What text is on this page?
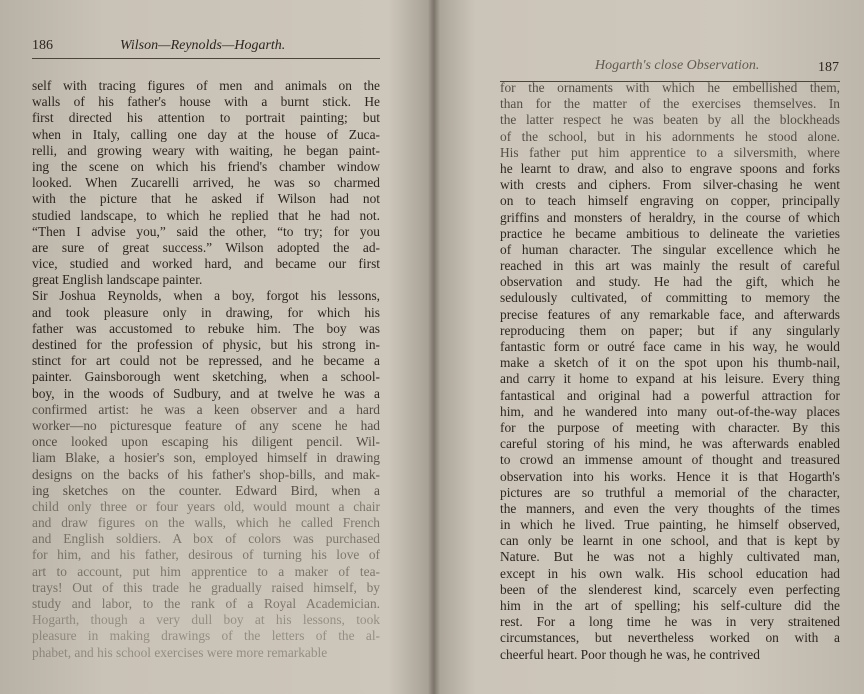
186	Wilson—Reynolds—Hogarth.
self with tracing figures of men and animals on the
walls of his father's house with a burnt stick. He
first directed his attention to portrait painting; but
when in Italy, calling one day at the house of Zuca-
relli, and growing weary with waiting, he began paint-
ing the scene on which his friend's chamber window
looked. When Zucarelli arrived, he was so charmed
with the picture that he asked if Wilson had not
studied landscape, to which he replied that he had not.
“Then I advise you,” said the other, “to try; for you
are sure of great success.” Wilson adopted the ad-
vice, studied and worked hard, and became our first
great English landscape painter.
Sir Joshua Reynolds, when a boy, forgot his lessons,
and took pleasure only in drawing, for which his
father was accustomed to rebuke him. The boy was
destined for the profession of physic, but his strong in-
stinct for art could not be repressed, and he became a
painter. Gainsborough went sketching, when a school-
boy, in the woods of Sudbury, and at twelve he was a
confirmed artist: he was a keen observer and a hard
worker—no picturesque feature of any scene he had
once looked upon escaping his diligent pencil. Wil-
liam Blake, a hosier's son, employed himself in drawing
designs on the backs of his father's shop-bills, and mak-
ing sketches on the counter. Edward Bird, when a
child only three or four years old, would mount a chair
and draw figures on the walls, which he called French
and English soldiers. A box of colors was purchased
for him, and his father, desirous of turning his love of
art to account, put him apprentice to a maker of tea-
trays! Out of this trade he gradually raised himself, by
study and labor, to the rank of a Royal Academician.
Hogarth, though a very dull boy at his lessons, took
pleasure in making drawings of the letters of the al-
phabet, and his school exercises were more remarkable
Hogarth's close Observation.	187
for the ornaments with which he embellished them,
than for the matter of the exercises themselves. In
the latter respect he was beaten by all the blockheads
of the school, but in his adornments he stood alone.
His father put him apprentice to a silversmith, where
he learnt to draw, and also to engrave spoons and forks
with crests and ciphers. From silver-chasing he went
on to teach himself engraving on copper, principally
griffins and monsters of heraldry, in the course of which
practice he became ambitious to delineate the varieties
of human character. The singular excellence which he
reached in this art was mainly the result of careful
observation and study. He had the gift, which he
sedulously cultivated, of committing to memory the
precise features of any remarkable face, and afterwards
reproducing them on paper; but if any singularly
fantastic form or outré face came in his way, he would
make a sketch of it on the spot upon his thumb-nail,
and carry it home to expand at his leisure. Every thing
fantastical and original had a powerful attraction for
him, and he wandered into many out-of-the-way places
for the purpose of meeting with character. By this
careful storing of his mind, he was afterwards enabled
to crowd an immense amount of thought and treasured
observation into his works. Hence it is that Hogarth's
pictures are so truthful a memorial of the character,
the manners, and even the very thoughts of the times
in which he lived. True painting, he himself observed,
can only be learnt in one school, and that is kept by
Nature. But he was not a highly cultivated man,
except in his own walk. His school education had
been of the slenderest kind, scarcely even perfecting
him in the art of spelling; his self-culture did the
rest. For a long time he was in very straitened
circumstances, but nevertheless worked on with a
cheerful heart. Poor though he was, he contrived
